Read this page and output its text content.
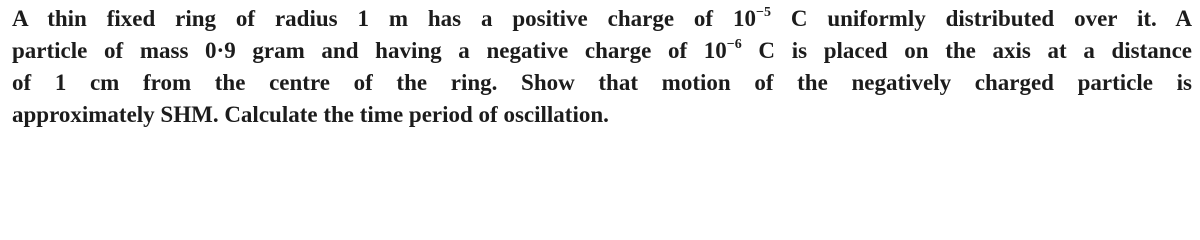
A thin fixed ring of radius 1 m has a positive charge of $10^{-5}$ C uniformly distributed over it. A
particle of mass 0·9 gram and having a negative charge of $10^{-6}$ C is placed on the axis at a distance
of 1 cm from the centre of the ring. Show that motion of the negatively charged particle is
approximately SHM. Calculate the time period of oscillation.
